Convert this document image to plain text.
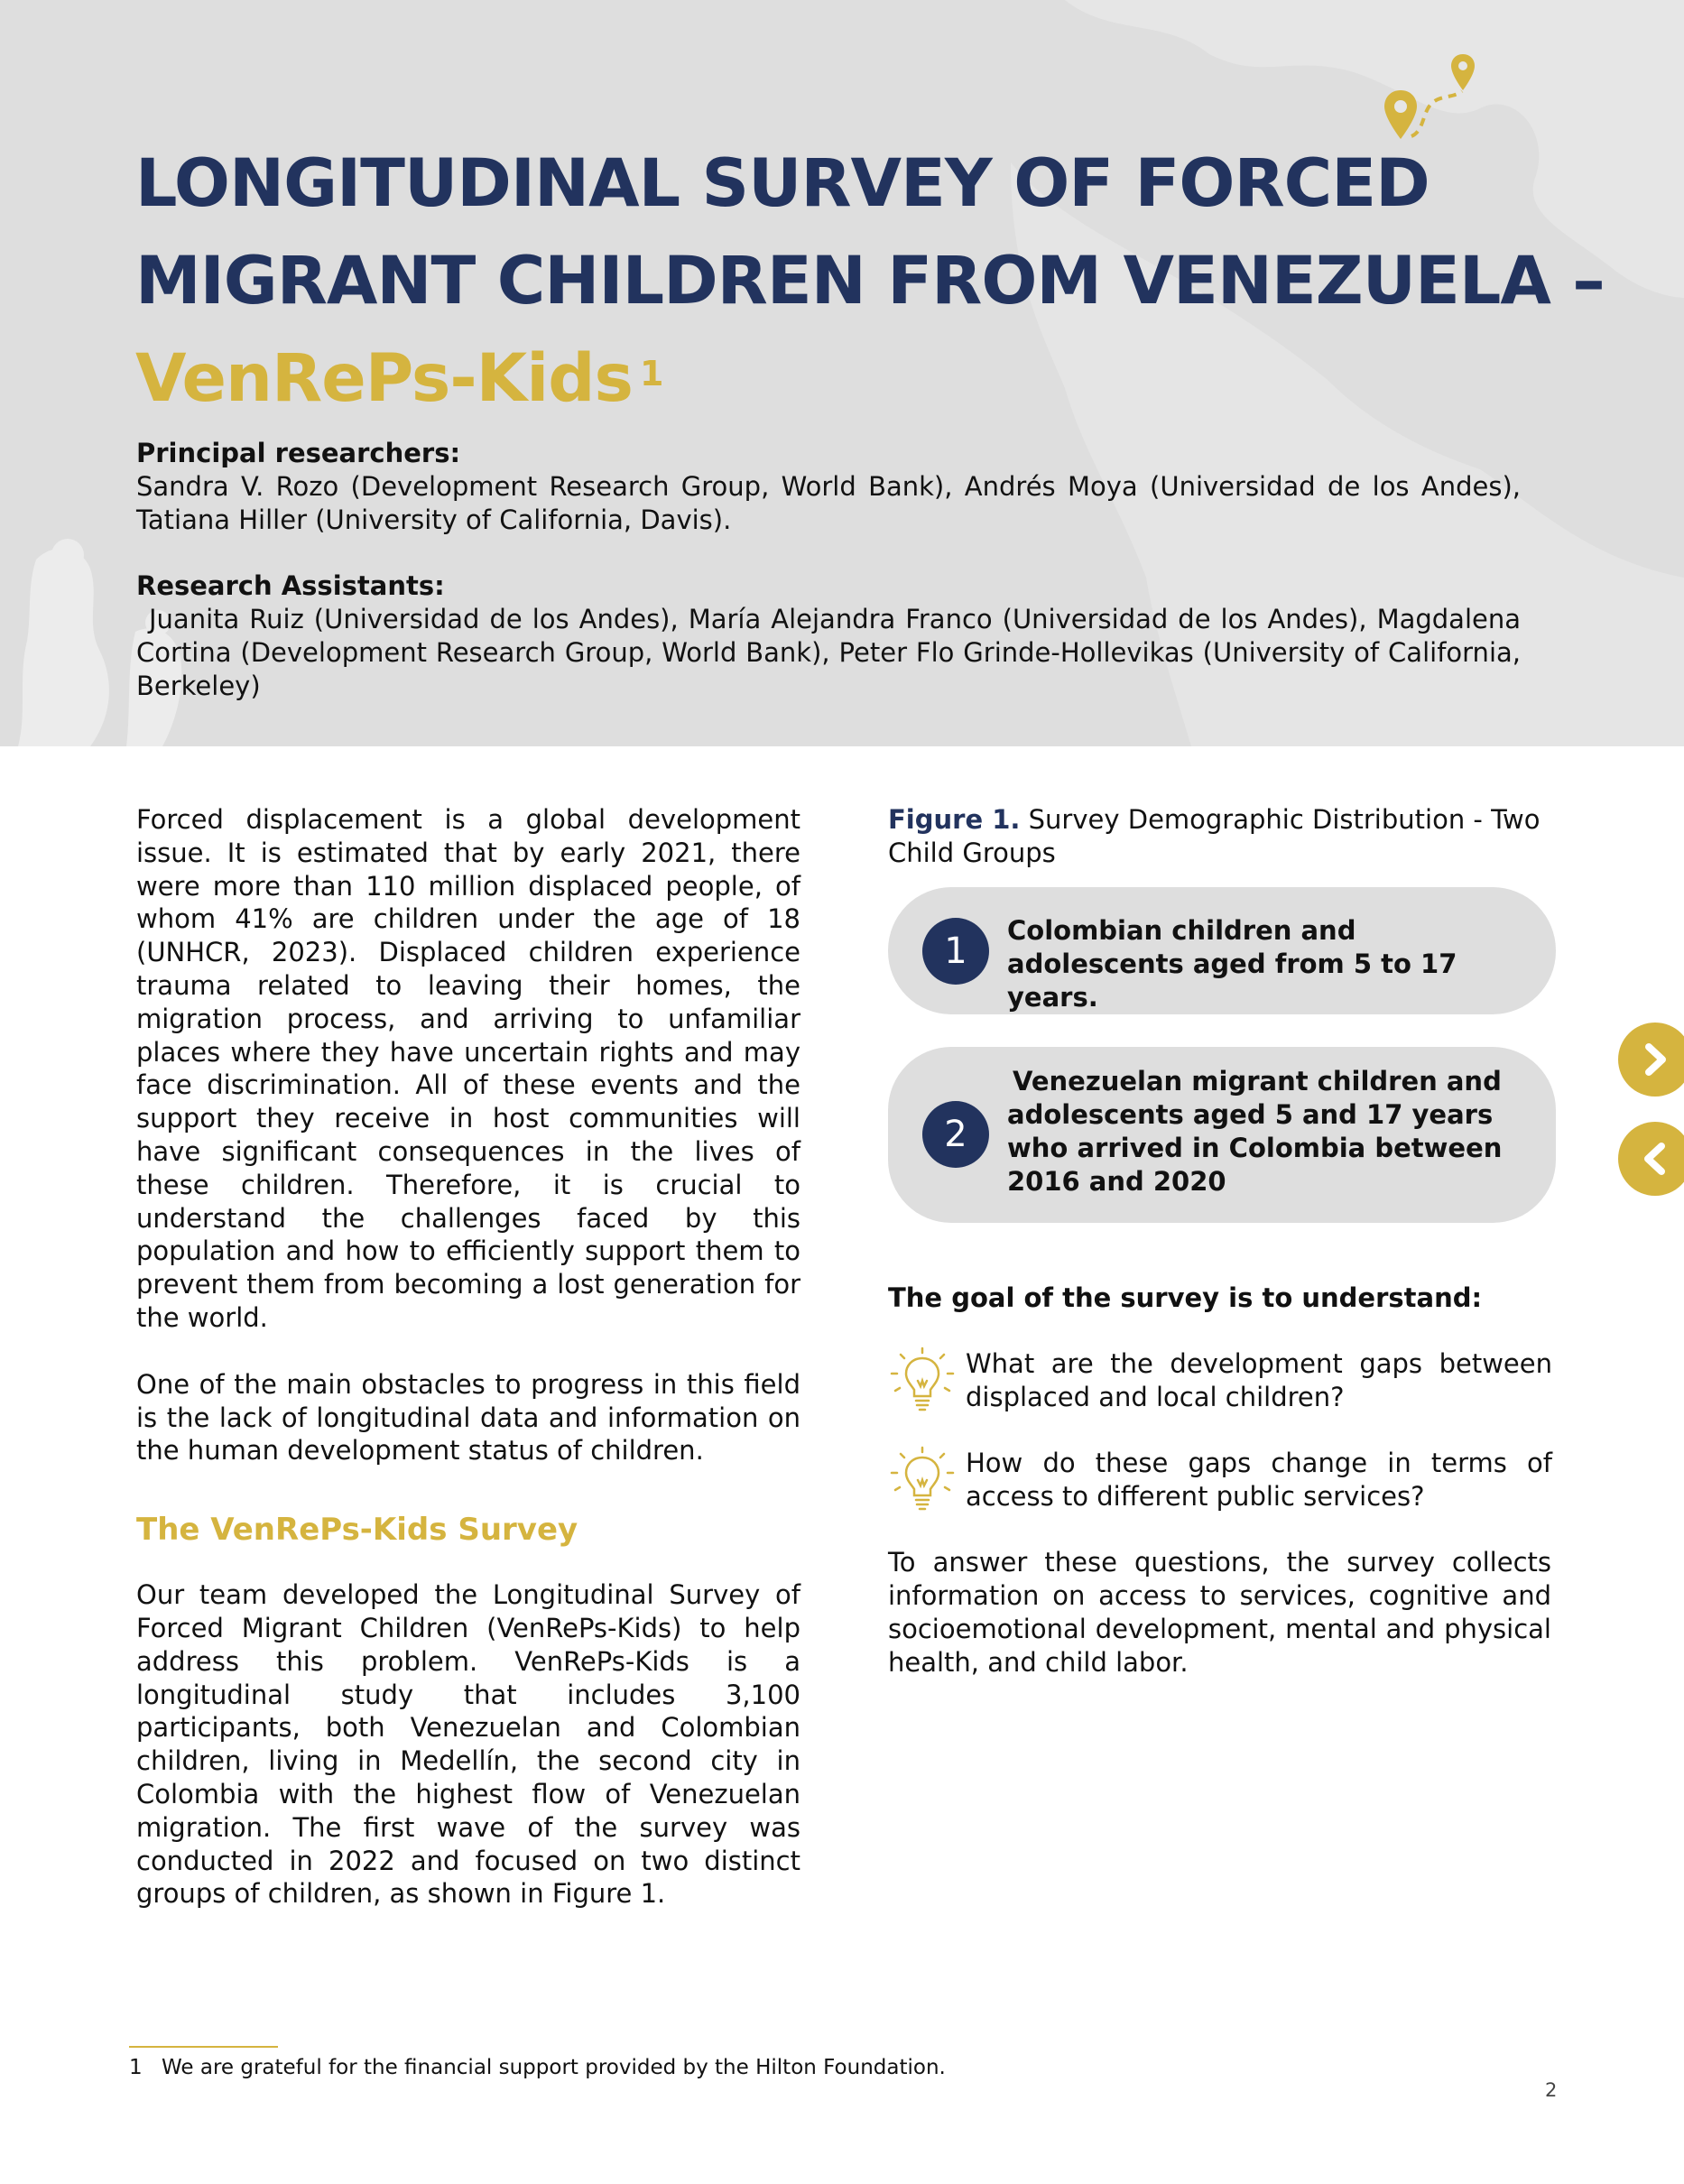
LONGITUDINAL SURVEY OF FORCED
MIGRANT CHILDREN FROM VENEZUELA –
VenRePs-Kids $^1$
Principal researchers:
Sandra V. Rozo (Development Research Group, World Bank), Andrés Moya (Universidad de los Andes), Tatiana Hiller (University of California, Davis).
Research Assistants:
Juanita Ruiz (Universidad de los Andes), María Alejandra Franco (Universidad de los Andes), Magdalena Cortina (Development Research Group, World Bank), Peter Flo Grinde-Hollevikas (University of California, Berkeley)

Forced displacement is a global development issue. It is estimated that by early 2021, there were more than 110 million displaced people, of whom 41% are children under the age of 18 (UNHCR, 2023). Displaced children experience trauma related to leaving their homes, the migration process, and arriving to unfamiliar places where they have uncertain rights and may face discrimination. All of these events and the support they receive in host communities will have significant consequences in the lives of these children. Therefore, it is crucial to understand the challenges faced by this population and how to efficiently support them to prevent them from becoming a lost generation for the world.

One of the main obstacles to progress in this field is the lack of longitudinal data and information on the human development status of children.

The VenRePs-Kids Survey

Our team developed the Longitudinal Survey of Forced Migrant Children (VenRePs-Kids) to help address this problem. VenRePs-Kids is a longitudinal study that includes 3,100 participants, both Venezuelan and Colombian children, living in Medellín, the second city in Colombia with the highest flow of Venezuelan migration. The first wave of the survey was conducted in 2022 and focused on two distinct groups of children, as shown in Figure 1.

Figure 1. Survey Demographic Distribution - Two Child Groups

1	Colombian children and adolescents aged from 5 to 17 years.
2
Venezuelan migrant children and adolescents aged 5 and 17 years who arrived in Colombia between 2016 and 2020
The goal of the survey is to understand:
What are the development gaps between displaced and local children?
How do these gaps change in terms of access to different public services?
To answer these questions, the survey collects information on access to services, cognitive and socioemotional development, mental and physical health, and child labor.
1 We are grateful for the financial support provided by the Hilton Foundation.
2
